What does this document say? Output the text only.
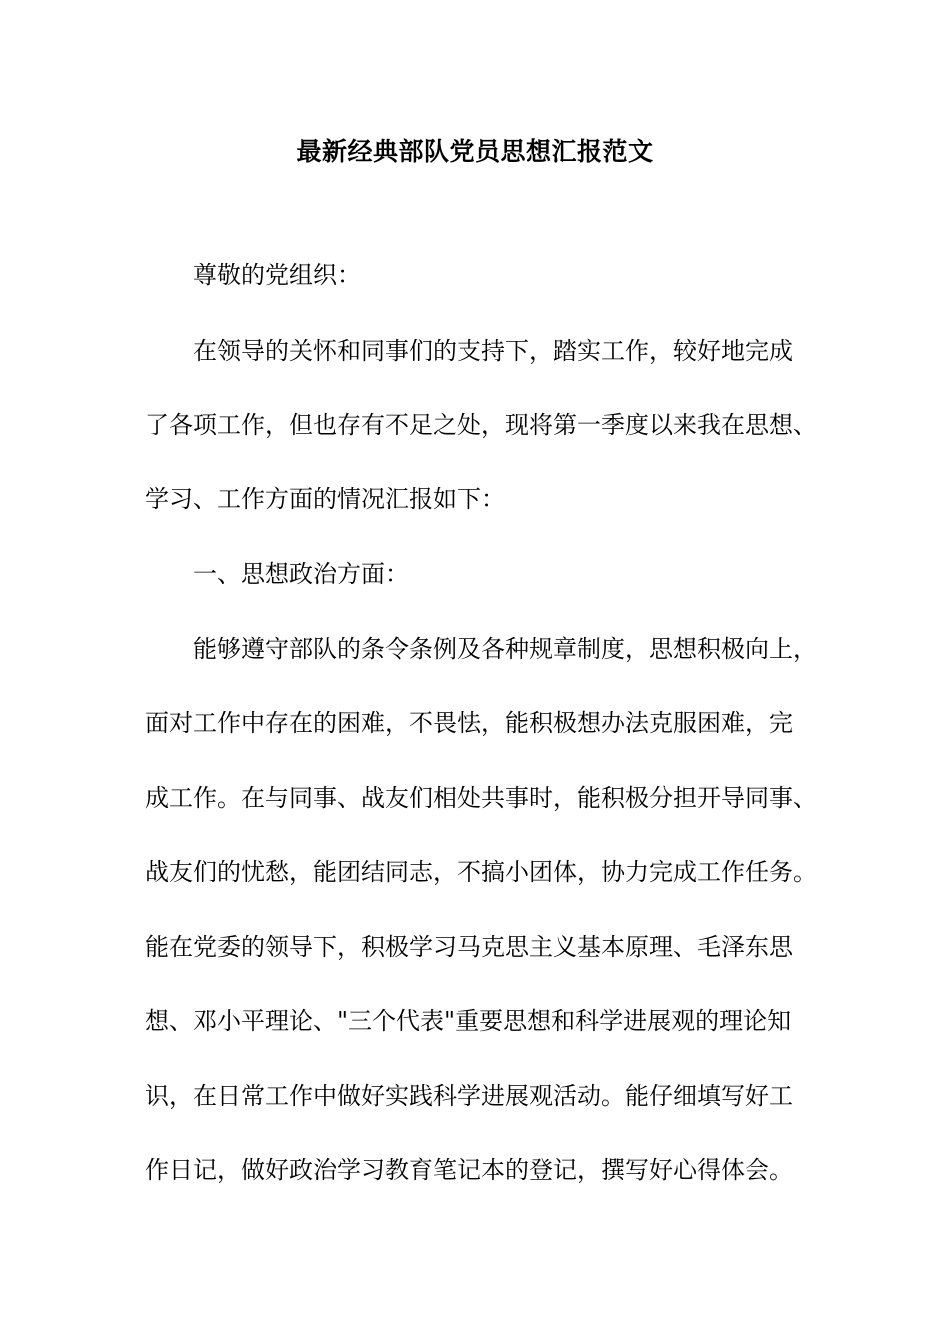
最新经典部队党员思想汇报范文
尊敬的党组织：
在领导的关怀和同事们的支持下，踏实工作，较好地完成
了各项工作，但也存有不足之处，现将第一季度以来我在思想、
学习、工作方面的情况汇报如下：
一、思想政治方面：
能够遵守部队的条令条例及各种规章制度，思想积极向上，
面对工作中存在的困难，不畏怯，能积极想办法克服困难，完
成工作。在与同事、战友们相处共事时，能积极分担开导同事、
战友们的忧愁，能团结同志，不搞小团体，协力完成工作任务。
能在党委的领导下，积极学习马克思主义基本原理、毛泽东思
想、邓小平理论、"三个代表"重要思想和科学进展观的理论知
识，在日常工作中做好实践科学进展观活动。能仔细填写好工
作日记，做好政治学习教育笔记本的登记，撰写好心得体会。
